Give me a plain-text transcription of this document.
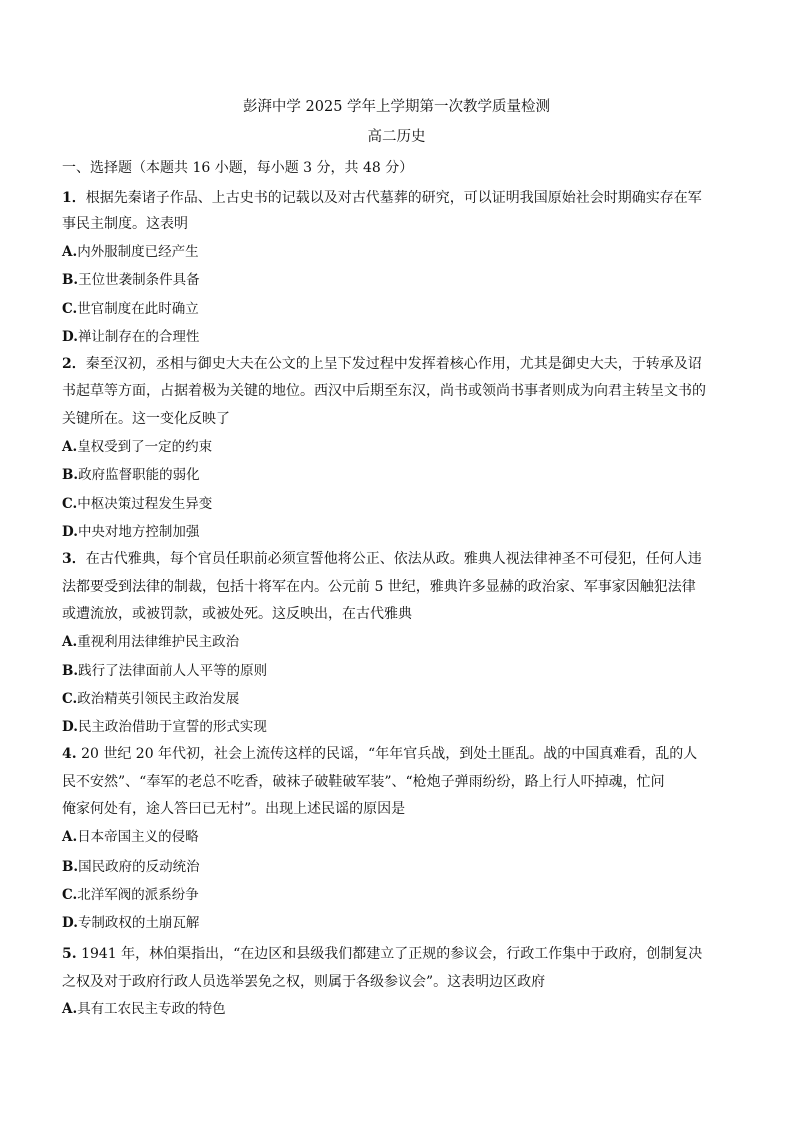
彭湃中学 2025 学年上学期第一次教学质量检测
高二历史
一、选择题（本题共 16 小题，每小题 3 分，共 48 分）
1．根据先秦诸子作品、上古史书的记载以及对古代墓葬的研究，可以证明我国原始社会时期确实存在军
事民主制度。这表明
A.内外服制度已经产生
B.王位世袭制条件具备
C.世官制度在此时确立
D.禅让制存在的合理性
2．秦至汉初，丞相与御史大夫在公文的上呈下发过程中发挥着核心作用，尤其是御史大夫，于转承及诏
书起草等方面，占据着极为关键的地位。西汉中后期至东汉，尚书或领尚书事者则成为向君主转呈文书的
关键所在。这一变化反映了
A.皇权受到了一定的约束
B.政府监督职能的弱化
C.中枢决策过程发生异变
D.中央对地方控制加强
3．在古代雅典，每个官员任职前必须宣誓他将公正、依法从政。雅典人视法律神圣不可侵犯，任何人违
法都要受到法律的制裁，包括十将军在内。公元前 5 世纪，雅典许多显赫的政治家、军事家因触犯法律
或遭流放，或被罚款，或被处死。这反映出，在古代雅典
A.重视利用法律维护民主政治
B.践行了法律面前人人平等的原则
C.政治精英引领民主政治发展
D.民主政治借助于宣誓的形式实现
4. 20 世纪 20 年代初，社会上流传这样的民谣，“年年官兵战，到处土匪乱。战的中国真难看，乱的人
民不安然”、“奉军的老总不吃香，破袜子破鞋破军装”、“枪炮子弹雨纷纷，路上行人吓掉魂，忙问
俺家何处有，途人答曰已无村”。出现上述民谣的原因是
A.日本帝国主义的侵略
B.国民政府的反动统治
C.北洋军阀的派系纷争
D.专制政权的土崩瓦解
5. 1941 年，林伯渠指出，“在边区和县级我们都建立了正规的参议会，行政工作集中于政府，创制复决
之权及对于政府行政人员选举罢免之权，则属于各级参议会”。这表明边区政府
A.具有工农民主专政的特色
